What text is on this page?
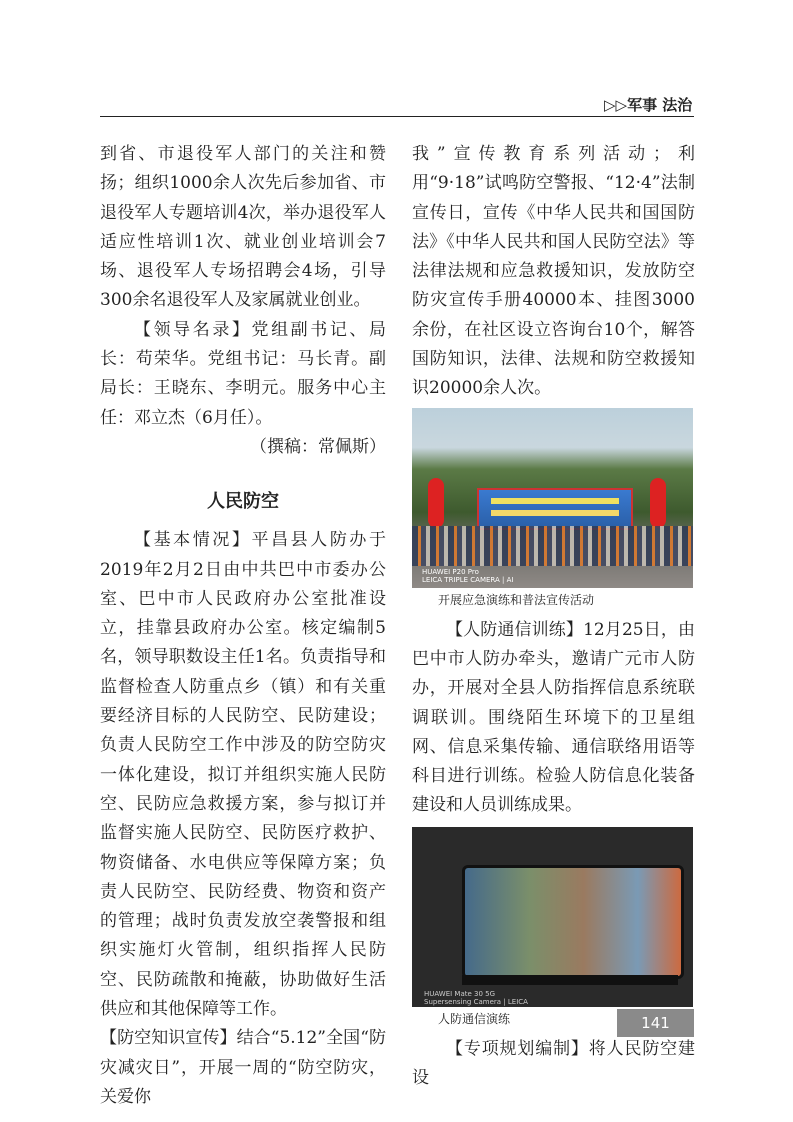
▷▷军事 法治

到省、市退役军人部门的关注和赞扬；组织1000余人次先后参加省、市退役军人专题培训4次，举办退役军人适应性培训1次、就业创业培训会7场、退役军人专场招聘会4场，引导300余名退役军人及家属就业创业。

【领导名录】党组副书记、局长：苟荣华。党组书记：马长青。副局长：王晓东、李明元。服务中心主任：邓立杰（6月任）。

（撰稿：常佩斯）

人民防空

【基本情况】平昌县人防办于2019年2月2日由中共巴中市委办公室、巴中市人民政府办公室批准设立，挂靠县政府办公室。核定编制5名，领导职数设主任1名。负责指导和监督检查人防重点乡（镇）和有关重要经济目标的人民防空、民防建设；负责人民防空工作中涉及的防空防灾一体化建设，拟订并组织实施人民防空、民防应急救援方案，参与拟订并监督实施人民防空、民防医疗救护、物资储备、水电供应等保障方案；负责人民防空、民防经费、物资和资产的管理；战时负责发放空袭警报和组织实施灯火管制，组织指挥人民防空、民防疏散和掩蔽，协助做好生活供应和其他保障等工作。

【防空知识宣传】结合“5.12”全国“防灾减灾日”，开展一周的“防空防灾，关爱你

我”宣传教育系列活动；利用“9·18”试鸣防空警报、“12·4”法制宣传日，宣传《中华人民共和国国防法》《中华人民共和国人民防空法》等法律法规和应急救援知识，发放防空防灾宣传手册40000本、挂图3000余份，在社区设立咨询台10个，解答国防知识，法律、法规和防空救援知识20000余人次。

HUAWEI P20 Pro
LEICA TRIPLE CAMERA | AI
开展应急演练和普法宣传活动

【人防通信训练】12月25日，由巴中市人防办牵头，邀请广元市人防办，开展对全县人防指挥信息系统联调联训。围绕陌生环境下的卫星组网、信息采集传输、通信联络用语等科目进行训练。检验人防信息化装备建设和人员训练成果。

HUAWEI Mate 30 5G
Supersensing Camera | LEICA
人防通信演练

【专项规划编制】将人民防空建设

141
